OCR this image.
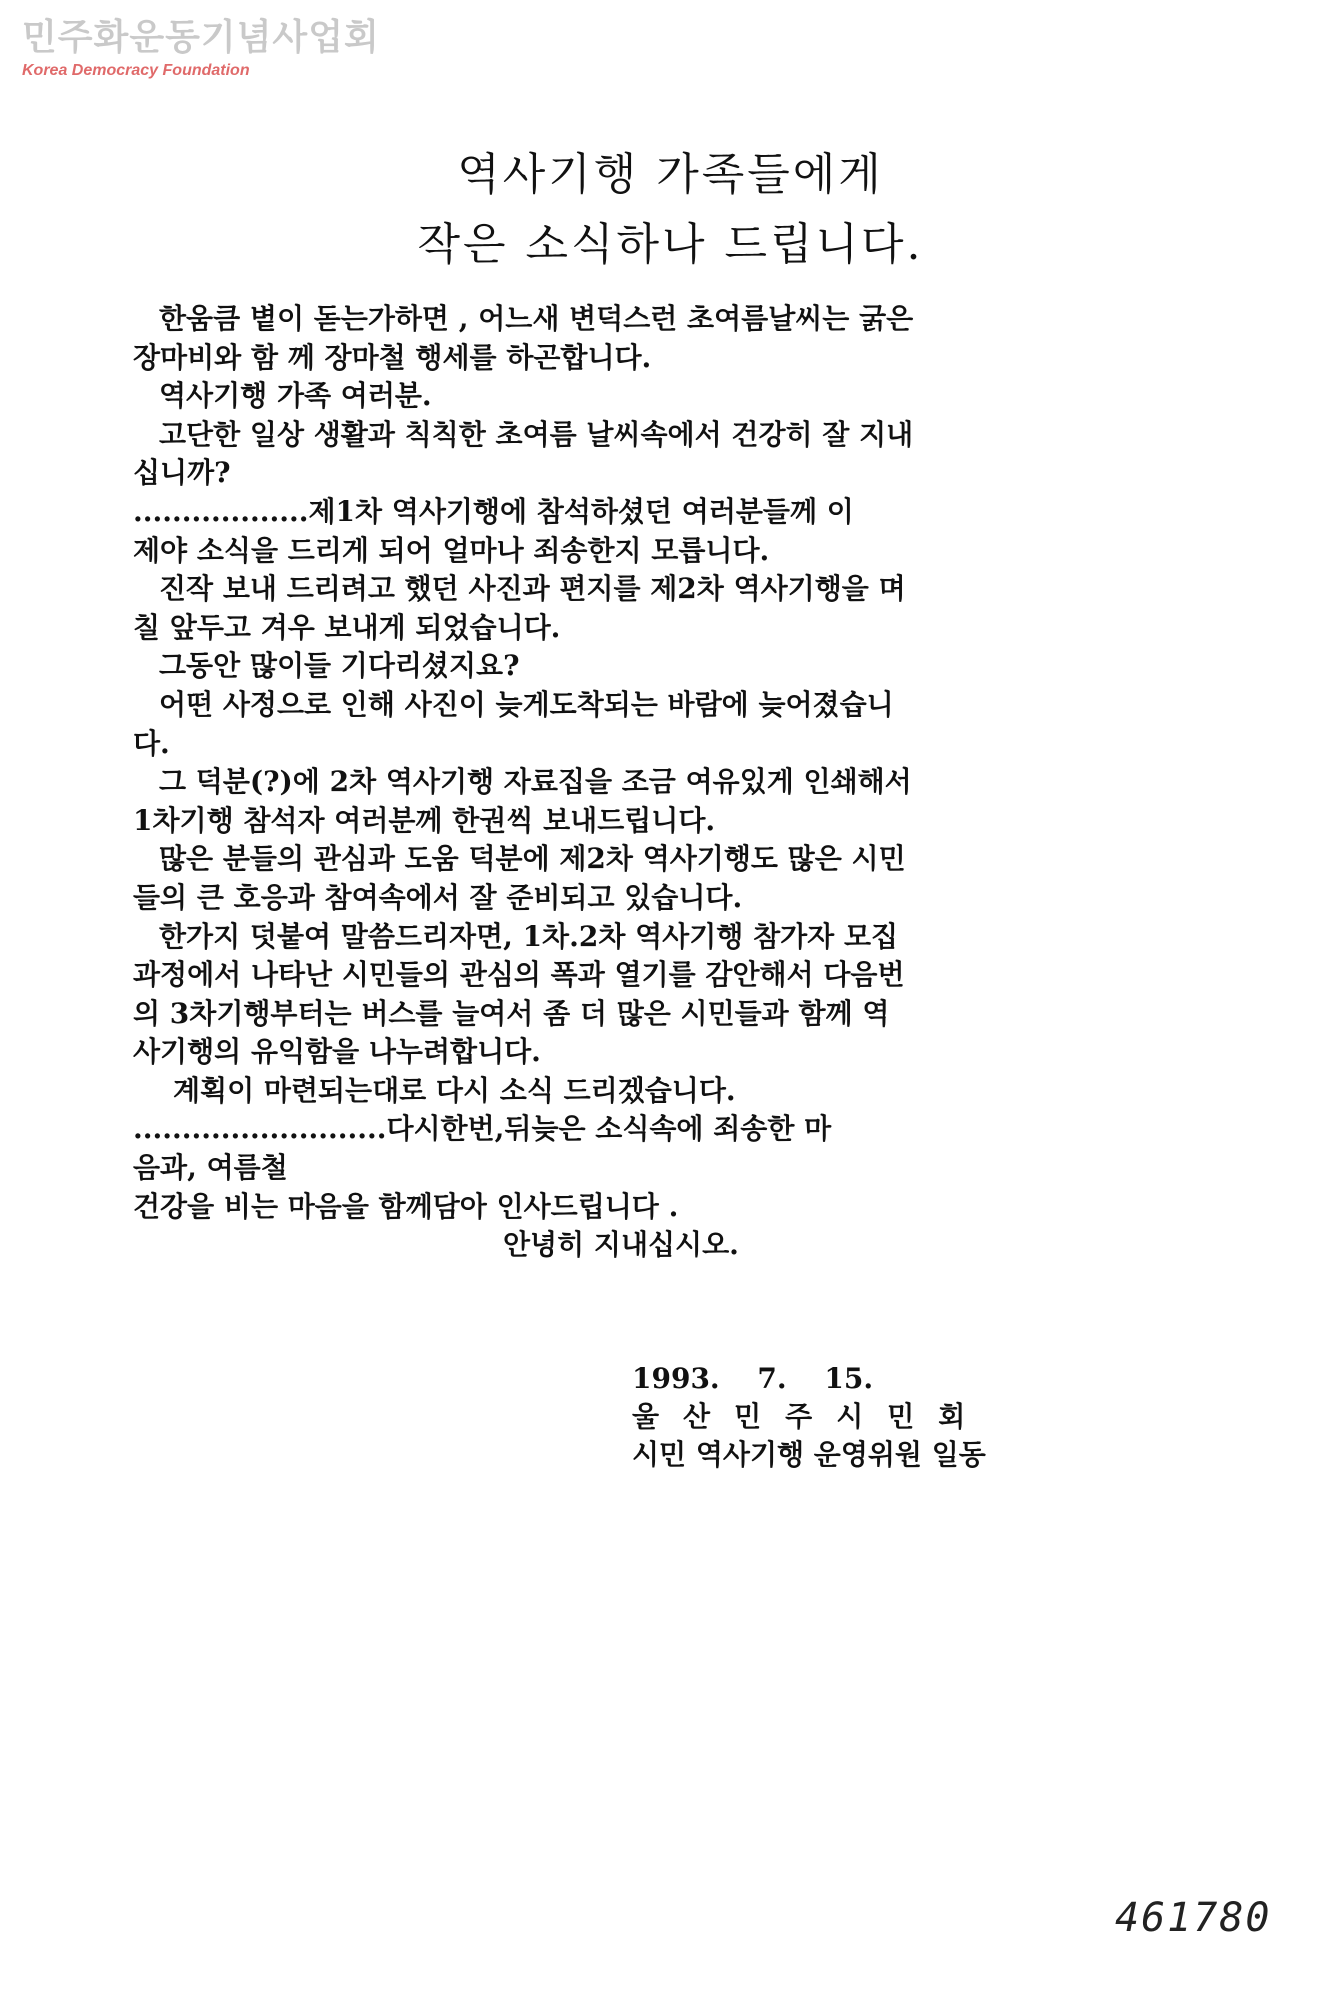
민주화운동기념사업회
Korea Democracy Foundation
역사기행 가족들에게
작은 소식하나 드립니다.
한움큼 볕이 돋는가하면 , 어느새 변덕스런 초여름날씨는 굵은
장마비와 함 께 장마철 행세를 하곤합니다.
역사기행 가족 여러분.
고단한 일상 생활과 칙칙한 초여름 날씨속에서 건강히 잘 지내
십니까?
..................제1차 역사기행에 참석하셨던 여러분들께 이
제야 소식을 드리게 되어 얼마나 죄송한지 모릅니다.
진작 보내 드리려고 했던 사진과 편지를 제2차 역사기행을 며
칠 앞두고 겨우 보내게 되었습니다.
그동안 많이들 기다리셨지요?
어떤 사정으로 인해 사진이 늦게도착되는 바람에 늦어졌습니
다.
그 덕분(?)에 2차 역사기행 자료집을 조금 여유있게 인쇄해서
1차기행 참석자 여러분께 한권씩 보내드립니다.
많은 분들의 관심과 도움 덕분에 제2차 역사기행도 많은 시민
들의 큰 호응과 참여속에서 잘 준비되고 있습니다.
한가지 덧붙여 말씀드리자면, 1차.2차 역사기행 참가자 모집
과정에서 나타난 시민들의 관심의 폭과 열기를 감안해서 다음번
의 3차기행부터는 버스를 늘여서 좀 더 많은 시민들과 함께 역
사기행의 유익함을 나누려합니다.
계획이 마련되는대로 다시 소식 드리겠습니다.
..........................다시한번,뒤늦은 소식속에 죄송한 마
음과, 여름철
건강을 비는 마음을 함께담아 인사드립니다 .
안녕히 지내십시오.
1993. 7. 15.
울산민주시민회
시민 역사기행 운영위원 일동
461780
